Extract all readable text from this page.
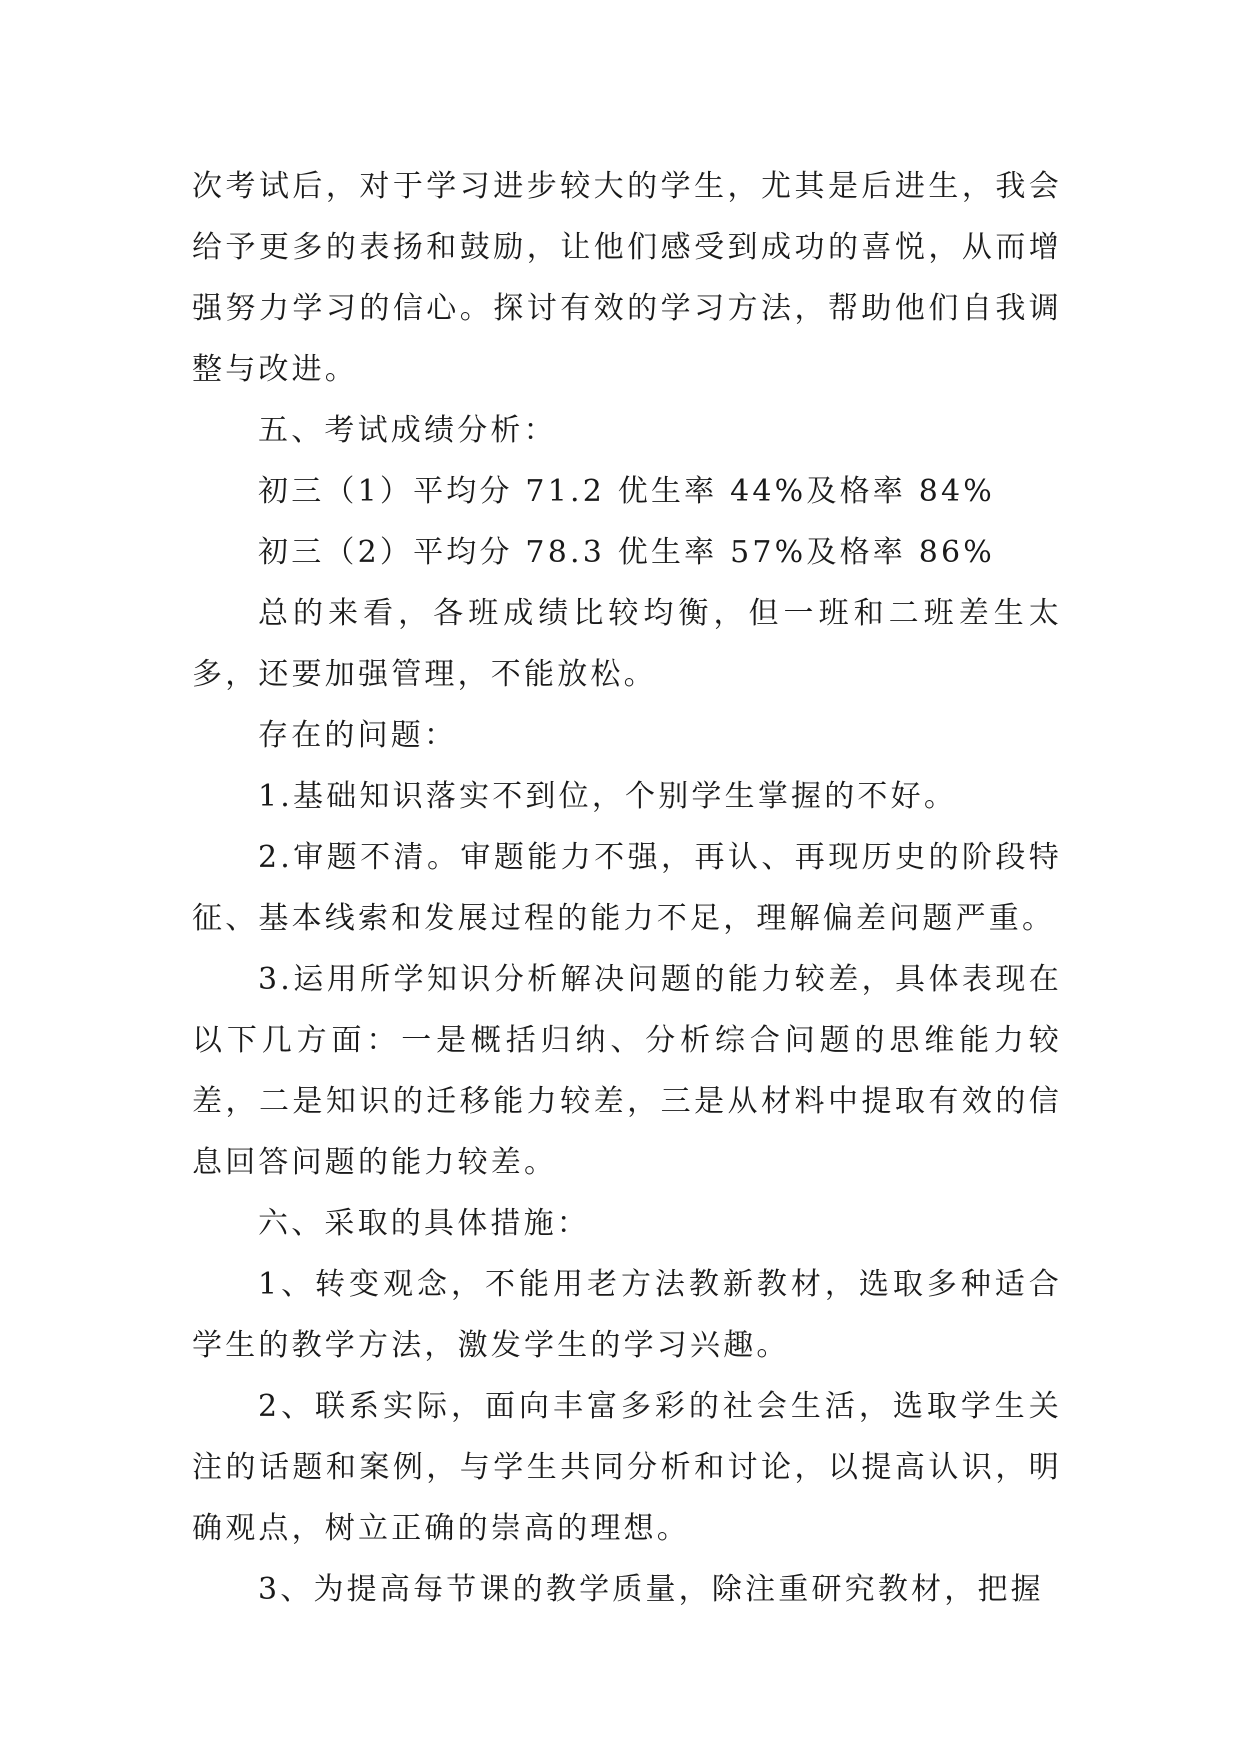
次考试后，对于学习进步较大的学生，尤其是后进生，我会给予更多的表扬和鼓励，让他们感受到成功的喜悦，从而增强努力学习的信心。探讨有效的学习方法，帮助他们自我调整与改进。

五、考试成绩分析：

初三（1）平均分 71.2 优生率 44%及格率 84%

初三（2）平均分 78.3 优生率 57%及格率 86%

总的来看，各班成绩比较均衡，但一班和二班差生太多，还要加强管理，不能放松。

存在的问题：

1.基础知识落实不到位，个别学生掌握的不好。

2.审题不清。审题能力不强，再认、再现历史的阶段特征、基本线索和发展过程的能力不足，理解偏差问题严重。

3.运用所学知识分析解决问题的能力较差，具体表现在以下几方面：一是概括归纳、分析综合问题的思维能力较差，二是知识的迁移能力较差，三是从材料中提取有效的信息回答问题的能力较差。

六、采取的具体措施：

1、转变观念，不能用老方法教新教材，选取多种适合学生的教学方法，激发学生的学习兴趣。

2、联系实际，面向丰富多彩的社会生活，选取学生关注的话题和案例，与学生共同分析和讨论，以提高认识，明确观点，树立正确的崇高的理想。

3、为提高每节课的教学质量，除注重研究教材，把握
